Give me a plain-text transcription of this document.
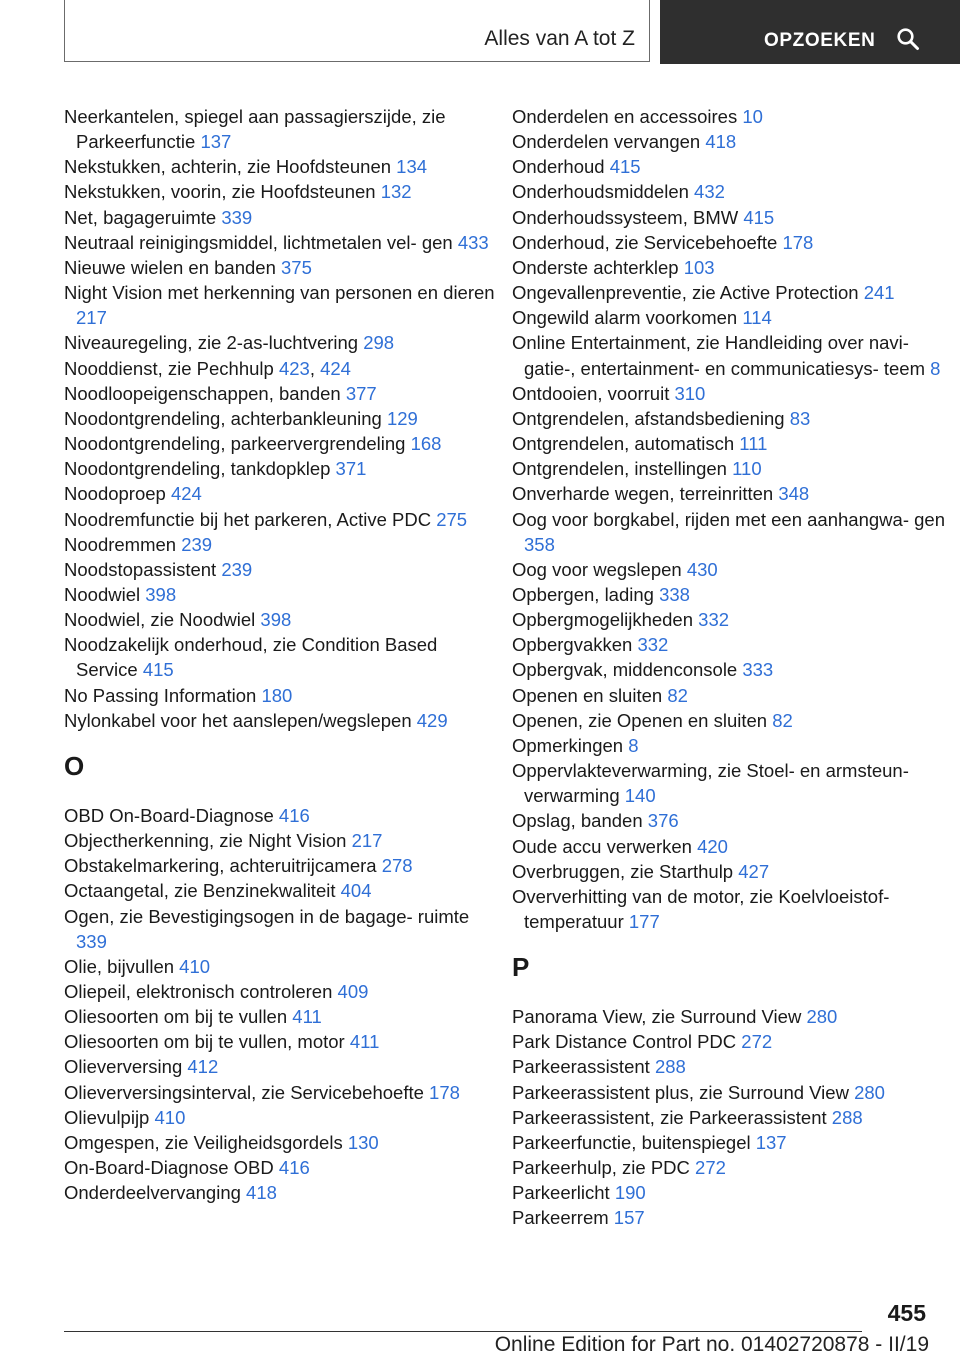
Alles van A tot Z	OPZOEKEN
Neerkantelen, spiegel aan passagierszijde, zie Parkeerfunctie 137
Nekstukken, achterin, zie Hoofdsteunen 134
Nekstukken, voorin, zie Hoofdsteunen 132
Net, bagageruimte 339
Neutraal reinigingsmiddel, lichtmetalen vel‐ gen 433
Nieuwe wielen en banden 375
Night Vision met herkenning van personen en dieren 217
Niveauregeling, zie 2-as-luchtvering 298
Nooddienst, zie Pechhulp 423, 424
Noodloopeigenschappen, banden 377
Noodontgrendeling, achterbankleuning 129
Noodontgrendeling, parkeervergrendeling 168
Noodontgrendeling, tankdopklep 371
Noodoproep 424
Noodremfunctie bij het parkeren, Active PDC 275
Noodremmen 239
Noodstopassistent 239
Noodwiel 398
Noodwiel, zie Noodwiel 398
Noodzakelijk onderhoud, zie Condition Based Service 415
No Passing Information 180
Nylonkabel voor het aanslepen/wegslepen 429
O
OBD On-Board-Diagnose 416
Objectherkenning, zie Night Vision 217
Obstakelmarkering, achteruitrijcamera 278
Octaangetal, zie Benzinekwaliteit 404
Ogen, zie Bevestigingsogen in de bagage‐ ruimte 339
Olie, bijvullen 410
Oliepeil, elektronisch controleren 409
Oliesoorten om bij te vullen 411
Oliesoorten om bij te vullen, motor 411
Olieverversing 412
Olieverversingsinterval, zie Servicebehoefte 178
Olievulpijp 410
Omgespen, zie Veiligheidsgordels 130
On-Board-Diagnose OBD 416
Onderdeelvervanging 418
Onderdelen en accessoires 10
Onderdelen vervangen 418
Onderhoud 415
Onderhoudsmiddelen 432
Onderhoudssysteem, BMW 415
Onderhoud, zie Servicebehoefte 178
Onderste achterklep 103
Ongevallenpreventie, zie Active Protection 241
Ongewild alarm voorkomen 114
Online Entertainment, zie Handleiding over navi‐ gatie-, entertainment- en communicatiesys‐ teem 8
Ontdooien, voorruit 310
Ontgrendelen, afstandsbediening 83
Ontgrendelen, automatisch 111
Ontgrendelen, instellingen 110
Onverharde wegen, terreinritten 348
Oog voor borgkabel, rijden met een aanhangwa‐ gen 358
Oog voor wegslepen 430
Opbergen, lading 338
Opbergmogelijkheden 332
Opbergvakken 332
Opbergvak, middenconsole 333
Openen en sluiten 82
Openen, zie Openen en sluiten 82
Opmerkingen 8
Oppervlakteverwarming, zie Stoel- en armsteun‐ verwarming 140
Opslag, banden 376
Oude accu verwerken 420
Overbruggen, zie Starthulp 427
Oververhitting van de motor, zie Koelvloeistof‐ temperatuur 177
P
Panorama View, zie Surround View 280
Park Distance Control PDC 272
Parkeerassistent 288
Parkeerassistent plus, zie Surround View 280
Parkeerassistent, zie Parkeerassistent 288
Parkeerfunctie, buitenspiegel 137
Parkeerhulp, zie PDC 272
Parkeerlicht 190
Parkeerrem 157
455
Online Edition for Part no. 01402720878 - II/19
